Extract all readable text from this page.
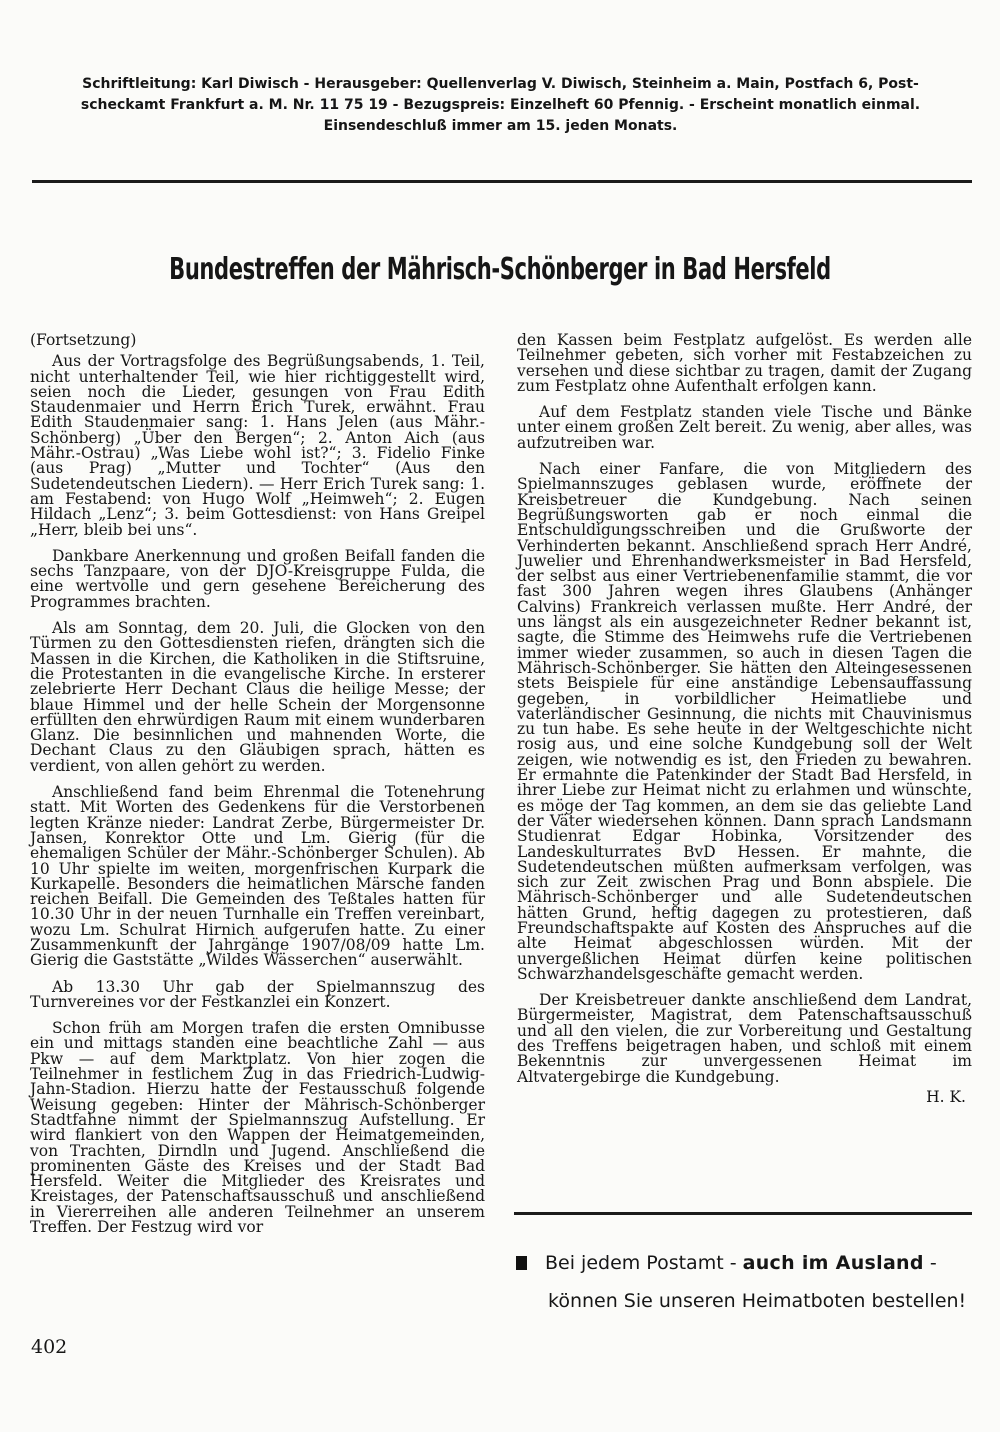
Schriftleitung: Karl Diwisch - Herausgeber: Quellenverlag V. Diwisch, Steinheim a. Main, Postfach 6, Post-
scheckamt Frankfurt a. M. Nr. 11 75 19 - Bezugspreis: Einzelheft 60 Pfennig. - Erscheint monatlich einmal.
Einsendeschluß immer am 15. jeden Monats.
Bundestreffen der Mährisch-Schönberger in Bad Hersfeld

(Fortsetzung)

Aus der Vortragsfolge des Begrüßungsabends, 1. Teil, nicht unterhaltender Teil, wie hier richtiggestellt wird, seien noch die Lieder, gesungen von Frau Edith Staudenmaier und Herrn Erich Turek, erwähnt. Frau Edith Staudenmaier sang: 1. Hans Jelen (aus Mähr.-Schönberg) „Über den Bergen“; 2. Anton Aich (aus Mähr.-Ostrau) „Was Liebe wohl ist?“; 3. Fidelio Finke (aus Prag) „Mutter und Tochter“ (Aus den Sudetendeutschen Liedern). — Herr Erich Turek sang: 1. am Festabend: von Hugo Wolf „Heimweh“; 2. Eugen Hildach „Lenz“; 3. beim Gottesdienst: von Hans Greipel „Herr, bleib bei uns“.

Dankbare Anerkennung und großen Beifall fanden die sechs Tanzpaare, von der DJO-Kreisgruppe Fulda, die eine wertvolle und gern gesehene Bereicherung des Programmes brachten.

Als am Sonntag, dem 20. Juli, die Glocken von den Türmen zu den Gottesdiensten riefen, drängten sich die Massen in die Kirchen, die Katholiken in die Stiftsruine, die Protestanten in die evangelische Kirche. In ersterer zelebrierte Herr Dechant Claus die heilige Messe; der blaue Himmel und der helle Schein der Morgensonne erfüllten den ehrwürdigen Raum mit einem wunderbaren Glanz. Die besinnlichen und mahnenden Worte, die Dechant Claus zu den Gläubigen sprach, hätten es verdient, von allen gehört zu werden.

Anschließend fand beim Ehrenmal die Totenehrung statt. Mit Worten des Gedenkens für die Verstorbenen legten Kränze nieder: Landrat Zerbe, Bürgermeister Dr. Jansen, Konrektor Otte und Lm. Gierig (für die ehemaligen Schüler der Mähr.-Schönberger Schulen). Ab 10 Uhr spielte im weiten, morgenfrischen Kurpark die Kurkapelle. Besonders die heimatlichen Märsche fanden reichen Beifall. Die Gemeinden des Teßtales hatten für 10.30 Uhr in der neuen Turnhalle ein Treffen vereinbart, wozu Lm. Schulrat Hirnich aufgerufen hatte. Zu einer Zusammenkunft der Jahrgänge 1907/08/09 hatte Lm. Gierig die Gaststätte „Wildes Wässerchen“ auserwählt.

Ab 13.30 Uhr gab der Spielmannszug des Turnvereines vor der Festkanzlei ein Konzert.

Schon früh am Morgen trafen die ersten Omnibusse ein und mittags standen eine beachtliche Zahl — aus Pkw — auf dem Marktplatz. Von hier zogen die Teilnehmer in festlichem Zug in das Friedrich-Ludwig-Jahn-Stadion. Hierzu hatte der Festausschuß folgende Weisung gegeben: Hinter der Mährisch-Schönberger Stadtfahne nimmt der Spielmannszug Aufstellung. Er wird flankiert von den Wappen der Heimatgemeinden, von Trachten, Dirndln und Jugend. Anschließend die prominenten Gäste des Kreises und der Stadt Bad Hersfeld. Weiter die Mitglieder des Kreisrates und Kreistages, der Patenschaftsausschuß und anschließend in Viererreihen alle anderen Teilnehmer an unserem Treffen. Der Festzug wird vor

den Kassen beim Festplatz aufgelöst. Es werden alle Teilnehmer gebeten, sich vorher mit Festabzeichen zu versehen und diese sichtbar zu tragen, damit der Zugang zum Festplatz ohne Aufenthalt erfolgen kann.

Auf dem Festplatz standen viele Tische und Bänke unter einem großen Zelt bereit. Zu wenig, aber alles, was aufzutreiben war.

Nach einer Fanfare, die von Mitgliedern des Spielmannszuges geblasen wurde, eröffnete der Kreisbetreuer die Kundgebung. Nach seinen Begrüßungsworten gab er noch einmal die Entschuldigungsschreiben und die Grußworte der Verhinderten bekannt. Anschließend sprach Herr André, Juwelier und Ehrenhandwerksmeister in Bad Hersfeld, der selbst aus einer Vertriebenenfamilie stammt, die vor fast 300 Jahren wegen ihres Glaubens (Anhänger Calvins) Frankreich verlassen mußte. Herr André, der uns längst als ein ausgezeichneter Redner bekannt ist, sagte, die Stimme des Heimwehs rufe die Vertriebenen immer wieder zusammen, so auch in diesen Tagen die Mährisch-Schönberger. Sie hätten den Alteingesessenen stets Beispiele für eine anständige Lebensauffassung gegeben, in vorbildlicher Heimatliebe und vaterländischer Gesinnung, die nichts mit Chauvinismus zu tun habe. Es sehe heute in der Weltgeschichte nicht rosig aus, und eine solche Kundgebung soll der Welt zeigen, wie notwendig es ist, den Frieden zu bewahren. Er ermahnte die Patenkinder der Stadt Bad Hersfeld, in ihrer Liebe zur Heimat nicht zu erlahmen und wünschte, es möge der Tag kommen, an dem sie das geliebte Land der Väter wiedersehen können. Dann sprach Landsmann Studienrat Edgar Hobinka, Vorsitzender des Landeskulturrates BvD Hessen. Er mahnte, die Sudetendeutschen müßten aufmerksam verfolgen, was sich zur Zeit zwischen Prag und Bonn abspiele. Die Mährisch-Schönberger und alle Sudetendeutschen hätten Grund, heftig dagegen zu protestieren, daß Freundschaftspakte auf Kosten des Anspruches auf die alte Heimat abgeschlossen würden. Mit der unvergeßlichen Heimat dürfen keine politischen Schwarzhandelsgeschäfte gemacht werden.

Der Kreisbetreuer dankte anschließend dem Landrat, Bürgermeister, Magistrat, dem Patenschaftsausschuß und all den vielen, die zur Vorbereitung und Gestaltung des Treffens beigetragen haben, und schloß mit einem Bekenntnis zur unvergessenen Heimat im Altvatergebirge die Kundgebung.

H. K.

402
Bei jedem Postamt - auch im Ausland -
können Sie unseren Heimatboten bestellen!
